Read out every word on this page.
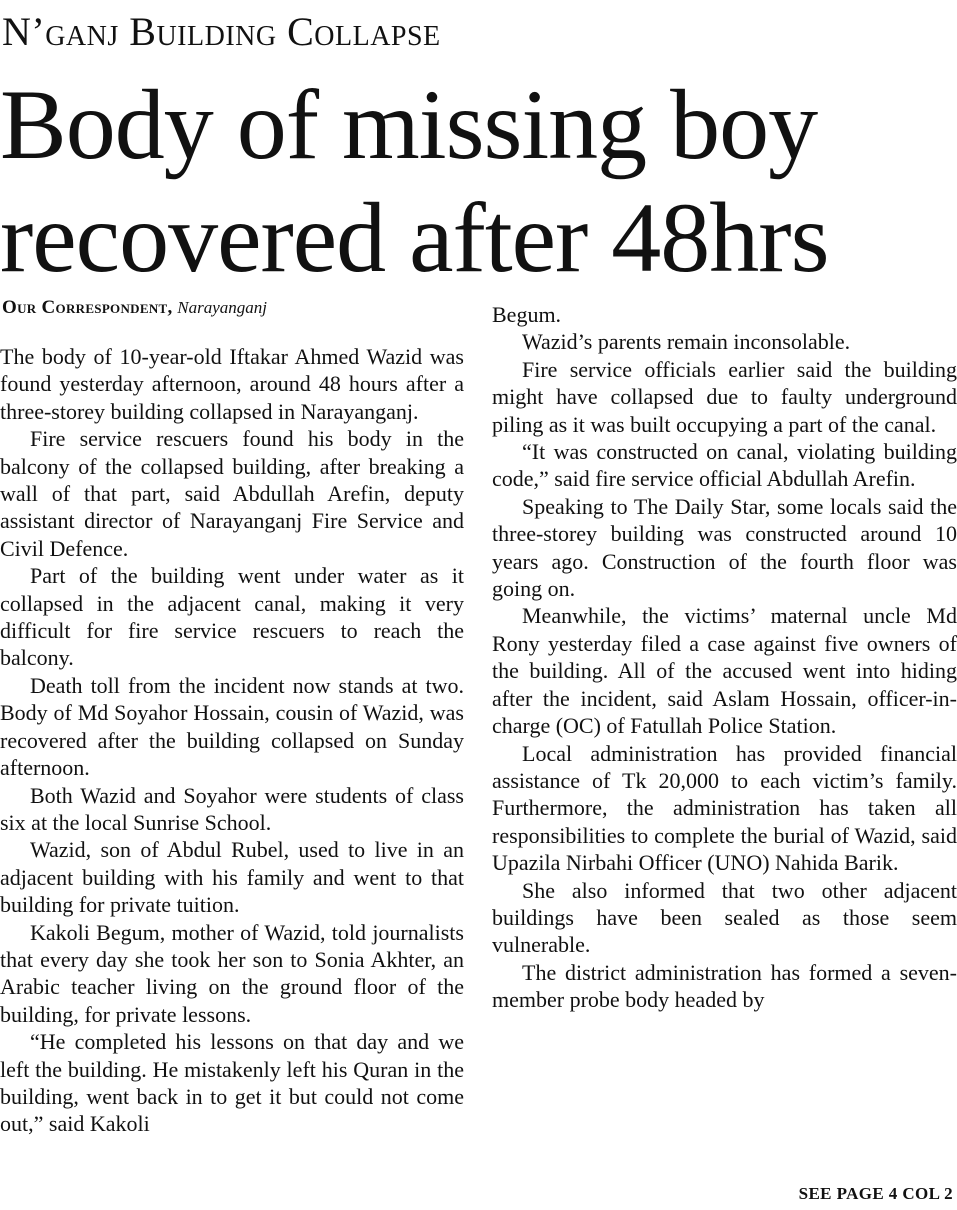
N’ganj Building Collapse
Body of missing boy
recovered after 48hrs
Our Correspondent, Narayanganj

The body of 10-year-old Iftakar Ahmed Wazid was found yesterday afternoon, around 48 hours after a three-storey building collapsed in Narayanganj.

Fire service rescuers found his body in the balcony of the collapsed building, after breaking a wall of that part, said Abdullah Arefin, deputy assistant director of Narayanganj Fire Service and Civil Defence.

Part of the building went under water as it collapsed in the adjacent canal, making it very difficult for fire service rescuers to reach the balcony.

Death toll from the incident now stands at two. Body of Md Soyahor Hossain, cousin of Wazid, was recovered after the building collapsed on Sunday afternoon.

Both Wazid and Soyahor were students of class six at the local Sunrise School.

Wazid, son of Abdul Rubel, used to live in an adjacent building with his family and went to that building for private tuition.

Kakoli Begum, mother of Wazid, told journalists that every day she took her son to Sonia Akhter, an Arabic teacher living on the ground floor of the building, for private lessons.

“He completed his lessons on that day and we left the building. He mistakenly left his Quran in the building, went back in to get it but could not come out,” said Kakoli

Begum.

Wazid’s parents remain inconsolable.

Fire service officials earlier said the building might have collapsed due to faulty underground piling as it was built occupying a part of the canal.

“It was constructed on canal, violating building code,” said fire service official Abdullah Arefin.

Speaking to The Daily Star, some locals said the three-storey building was constructed around 10 years ago. Construction of the fourth floor was going on.

Meanwhile, the victims’ maternal uncle Md Rony yesterday filed a case against five owners of the building. All of the accused went into hiding after the incident, said Aslam Hossain, officer-in-charge (OC) of Fatullah Police Station.

Local administration has provided financial assistance of Tk 20,000 to each victim’s family. Furthermore, the administration has taken all responsibilities to complete the burial of Wazid, said Upazila Nirbahi Officer (UNO) Nahida Barik.

She also informed that two other adjacent buildings have been sealed as those seem vulnerable.

The district administration has formed a seven-member probe body headed by

SEE PAGE 4 COL 2
